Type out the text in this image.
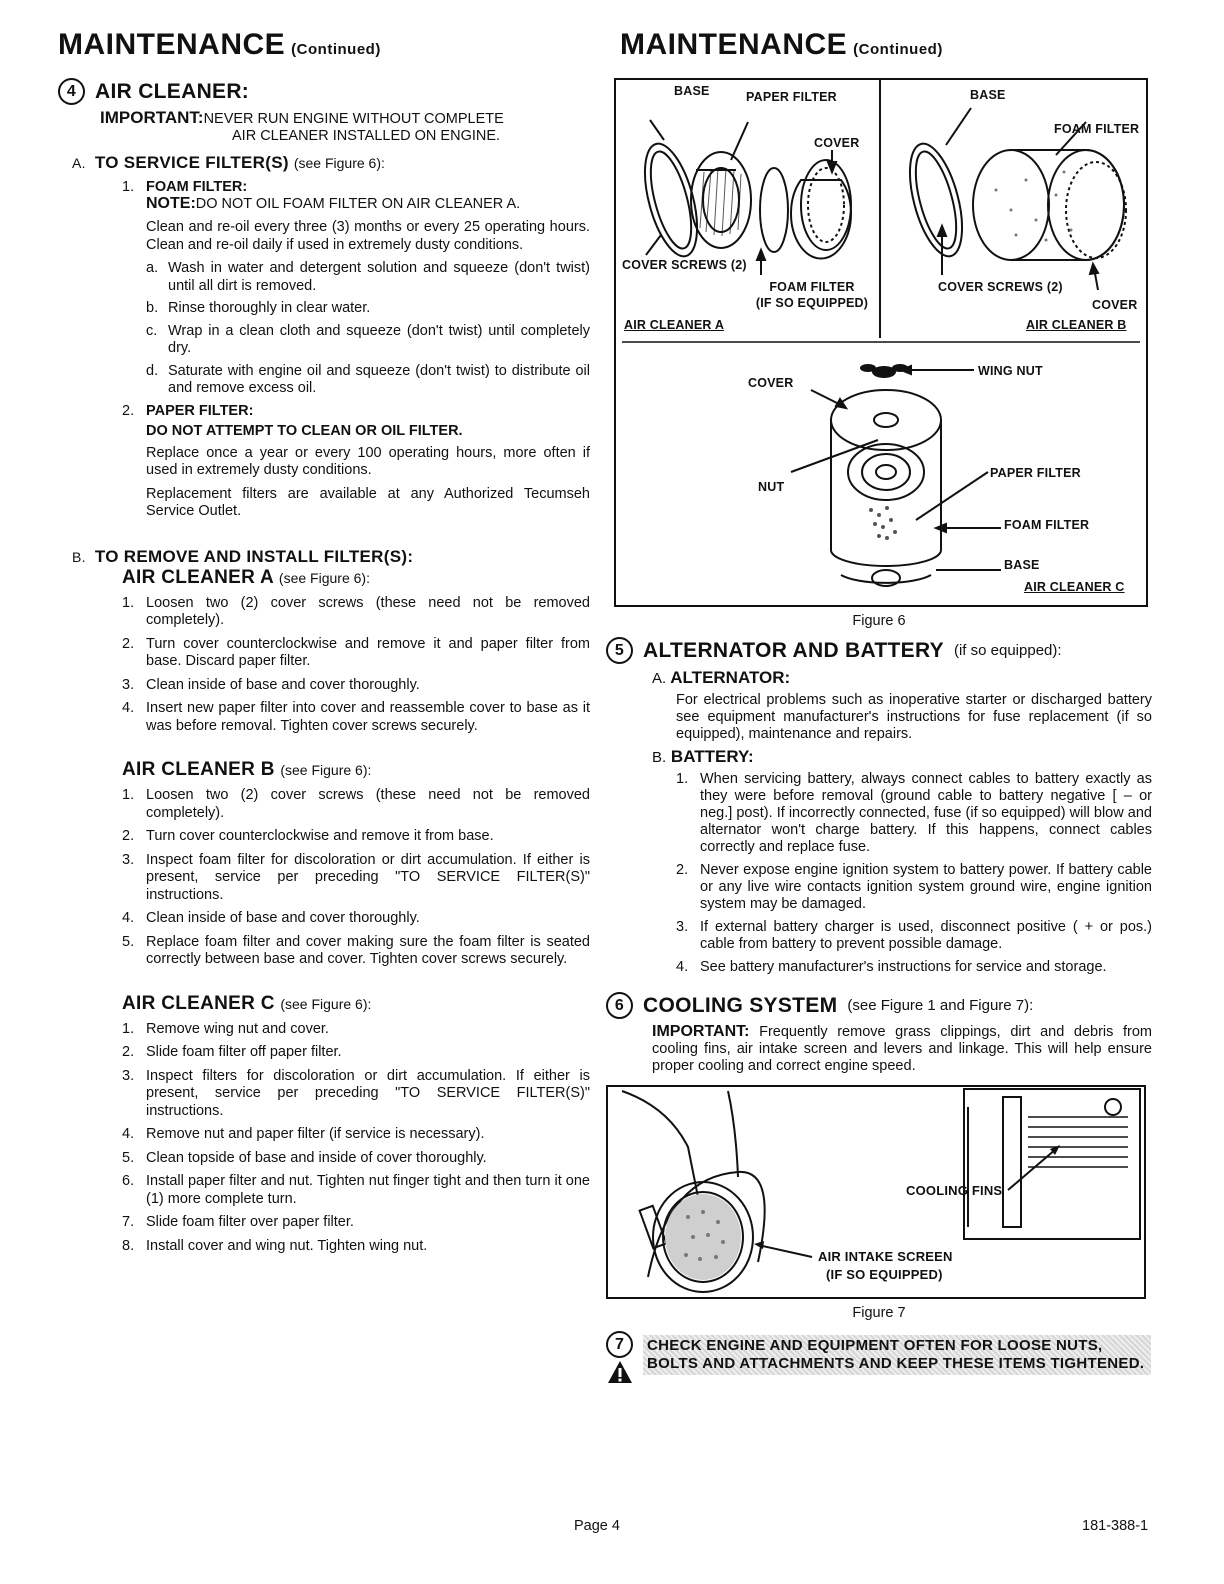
MAINTENANCE (Continued)	MAINTENANCE (Continued)
4 AIR CLEANER:
IMPORTANT:NEVER RUN ENGINE WITHOUT COMPLETE
AIR CLEANER INSTALLED ON ENGINE.
A. TO SERVICE FILTER(S) (see Figure 6):
1. FOAM FILTER:
NOTE:DO NOT OIL FOAM FILTER ON AIR CLEANER A.
Clean and re-oil every three (3) months or every 25 operating hours. Clean and re-oil daily if used in extremely dusty conditions.
a. Wash in water and detergent solution and squeeze (don't twist) until all dirt is removed.
b. Rinse thoroughly in clear water.
c. Wrap in a clean cloth and squeeze (don't twist) until completely dry.
d. Saturate with engine oil and squeeze (don't twist) to distribute oil and remove excess oil.
2. PAPER FILTER:
DO NOT ATTEMPT TO CLEAN OR OIL FILTER.
Replace once a year or every 100 operating hours, more often if used in extremely dusty conditions.
Replacement filters are available at any Authorized Tecumseh Service Outlet.
B. TO REMOVE AND INSTALL FILTER(S):
AIR CLEANER A (see Figure 6):
1. Loosen two (2) cover screws (these need not be removed completely).
2. Turn cover counterclockwise and remove it and paper filter from base. Discard paper filter.
3. Clean inside of base and cover thoroughly.
4. Insert new paper filter into cover and reassemble cover to base as it was before removal. Tighten cover screws securely.
AIR CLEANER B (see Figure 6):
1. Loosen two (2) cover screws (these need not be removed completely).
2. Turn cover counterclockwise and remove it from base.
3. Inspect foam filter for discoloration or dirt accumulation. If either is present, service per preceding "TO SERVICE FILTER(S)" instructions.
4. Clean inside of base and cover thoroughly.
5. Replace foam filter and cover making sure the foam filter is seated correctly between base and cover. Tighten cover screws securely.
AIR CLEANER C (see Figure 6):
1. Remove wing nut and cover.
2. Slide foam filter off paper filter.
3. Inspect filters for discoloration or dirt accumulation. If either is present, service per preceding "TO SERVICE FILTER(S)" instructions.
4. Remove nut and paper filter (if service is necessary).
5. Clean topside of base and inside of cover thoroughly.
6. Install paper filter and nut. Tighten nut finger tight and then turn it one (1) more complete turn.
7. Slide foam filter over paper filter.
8. Install cover and wing nut. Tighten wing nut.
BASE	PAPER FILTER
COVER
COVER SCREWS (2)
FOAM FILTER
(IF SO EQUIPPED)
AIR CLEANER A
BASE
FOAM FILTER
COVER SCREWS (2)
COVER
AIR CLEANER B
COVER
WING NUT
NUT
PAPER FILTER
FOAM FILTER
BASE
AIR CLEANER C
Figure 6
5 ALTERNATOR AND BATTERY (if so equipped):
A. ALTERNATOR:
For electrical problems such as inoperative starter or discharged battery see equipment manufacturer's instructions for fuse replacement (if so equipped), maintenance and repairs.
B. BATTERY:
1. When servicing battery, always connect cables to battery exactly as they were before removal (ground cable to battery negative [ – or neg.] post). If incorrectly connected, fuse (if so equipped) will blow and alternator won't charge battery. If this happens, connect cables correctly and replace fuse.
2. Never expose engine ignition system to battery power. If battery cable or any live wire contacts ignition system ground wire, engine ignition system may be damaged.
3. If external battery charger is used, disconnect positive ( + or pos.) cable from battery to prevent possible damage.
4. See battery manufacturer's instructions for service and storage.
6 COOLING SYSTEM (see Figure 1 and Figure 7):
IMPORTANT: Frequently remove grass clippings, dirt and debris from cooling fins, air intake screen and levers and linkage. This will help ensure proper cooling and correct engine speed.
COOLING FINS
AIR INTAKE SCREEN
(IF SO EQUIPPED)
Figure 7
7	CHECK ENGINE AND EQUIPMENT OFTEN FOR LOOSE NUTS, BOLTS AND ATTACHMENTS AND KEEP THESE ITEMS TIGHTENED.
Page 4	181-388-1
